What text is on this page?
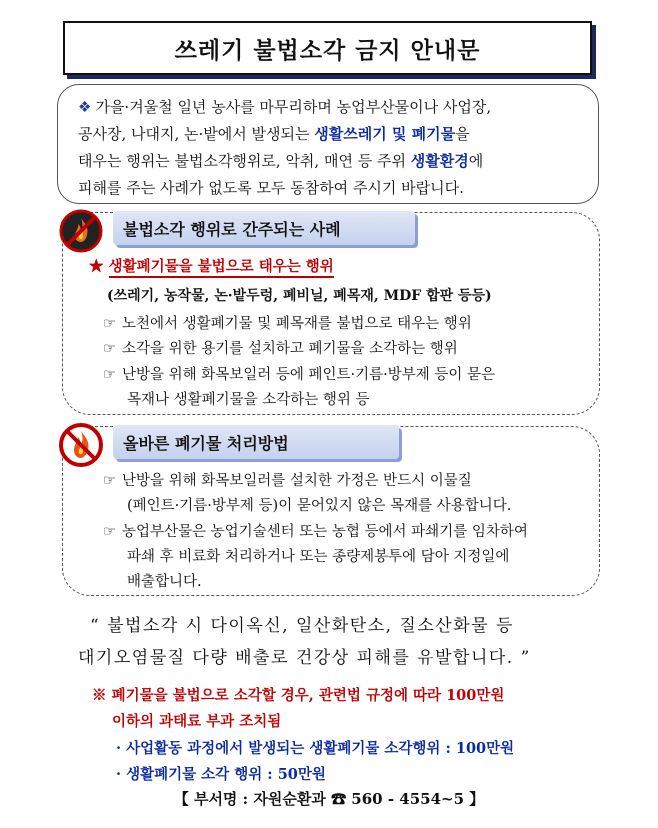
쓰레기 불법소각 금지 안내문

❖ 가을·겨울철 일년 농사를 마무리하며 농업부산물이나 사업장,

공사장, 나대지, 논·밭에서 발생되는 생활쓰레기 및 폐기물을

태우는 행위는 불법소각행위로, 악취, 매연 등 주위 생활환경에

피해를 주는 사례가 없도록 모두 동참하여 주시기 바랍니다.

불법소각 행위로 간주되는 사례
★ 생활폐기물을 불법으로 태우는 행위
(쓰레기, 농작물, 논·밭두렁, 폐비닐, 폐목재, MDF 합판 등등)
☞ 노천에서 생활폐기물 및 폐목재를 불법으로 태우는 행위
☞ 소각을 위한 용기를 설치하고 폐기물을 소각하는 행위
☞ 난방을 위해 화목보일러 등에 페인트·기름·방부제 등이 묻은
목재나 생활폐기물을 소각하는 행위 등
올바른 폐기물 처리방법
☞ 난방을 위해 화목보일러를 설치한 가정은 반드시 이물질
(페인트·기름·방부제 등)이 묻어있지 않은 목재를 사용합니다.
☞ 농업부산물은 농업기술센터 또는 농협 등에서 파쇄기를 임차하여
파쇄 후 비료화 처리하거나 또는 종량제봉투에 담아 지정일에
배출합니다.
“ 불법소각 시 다이옥신, 일산화탄소, 질소산화물 등
대기오염물질 다량 배출로 건강상 피해를 유발합니다. ”
※ 폐기물을 불법으로 소각할 경우, 관련법 규정에 따라 100만원
이하의 과태료 부과 조치됨
· 사업활동 과정에서 발생되는 생활폐기물 소각행위 : 100만원
· 생활폐기물 소각 행위 : 50만원
【 부서명 : 자원순환과 ☎ 560 - 4554~5 】
